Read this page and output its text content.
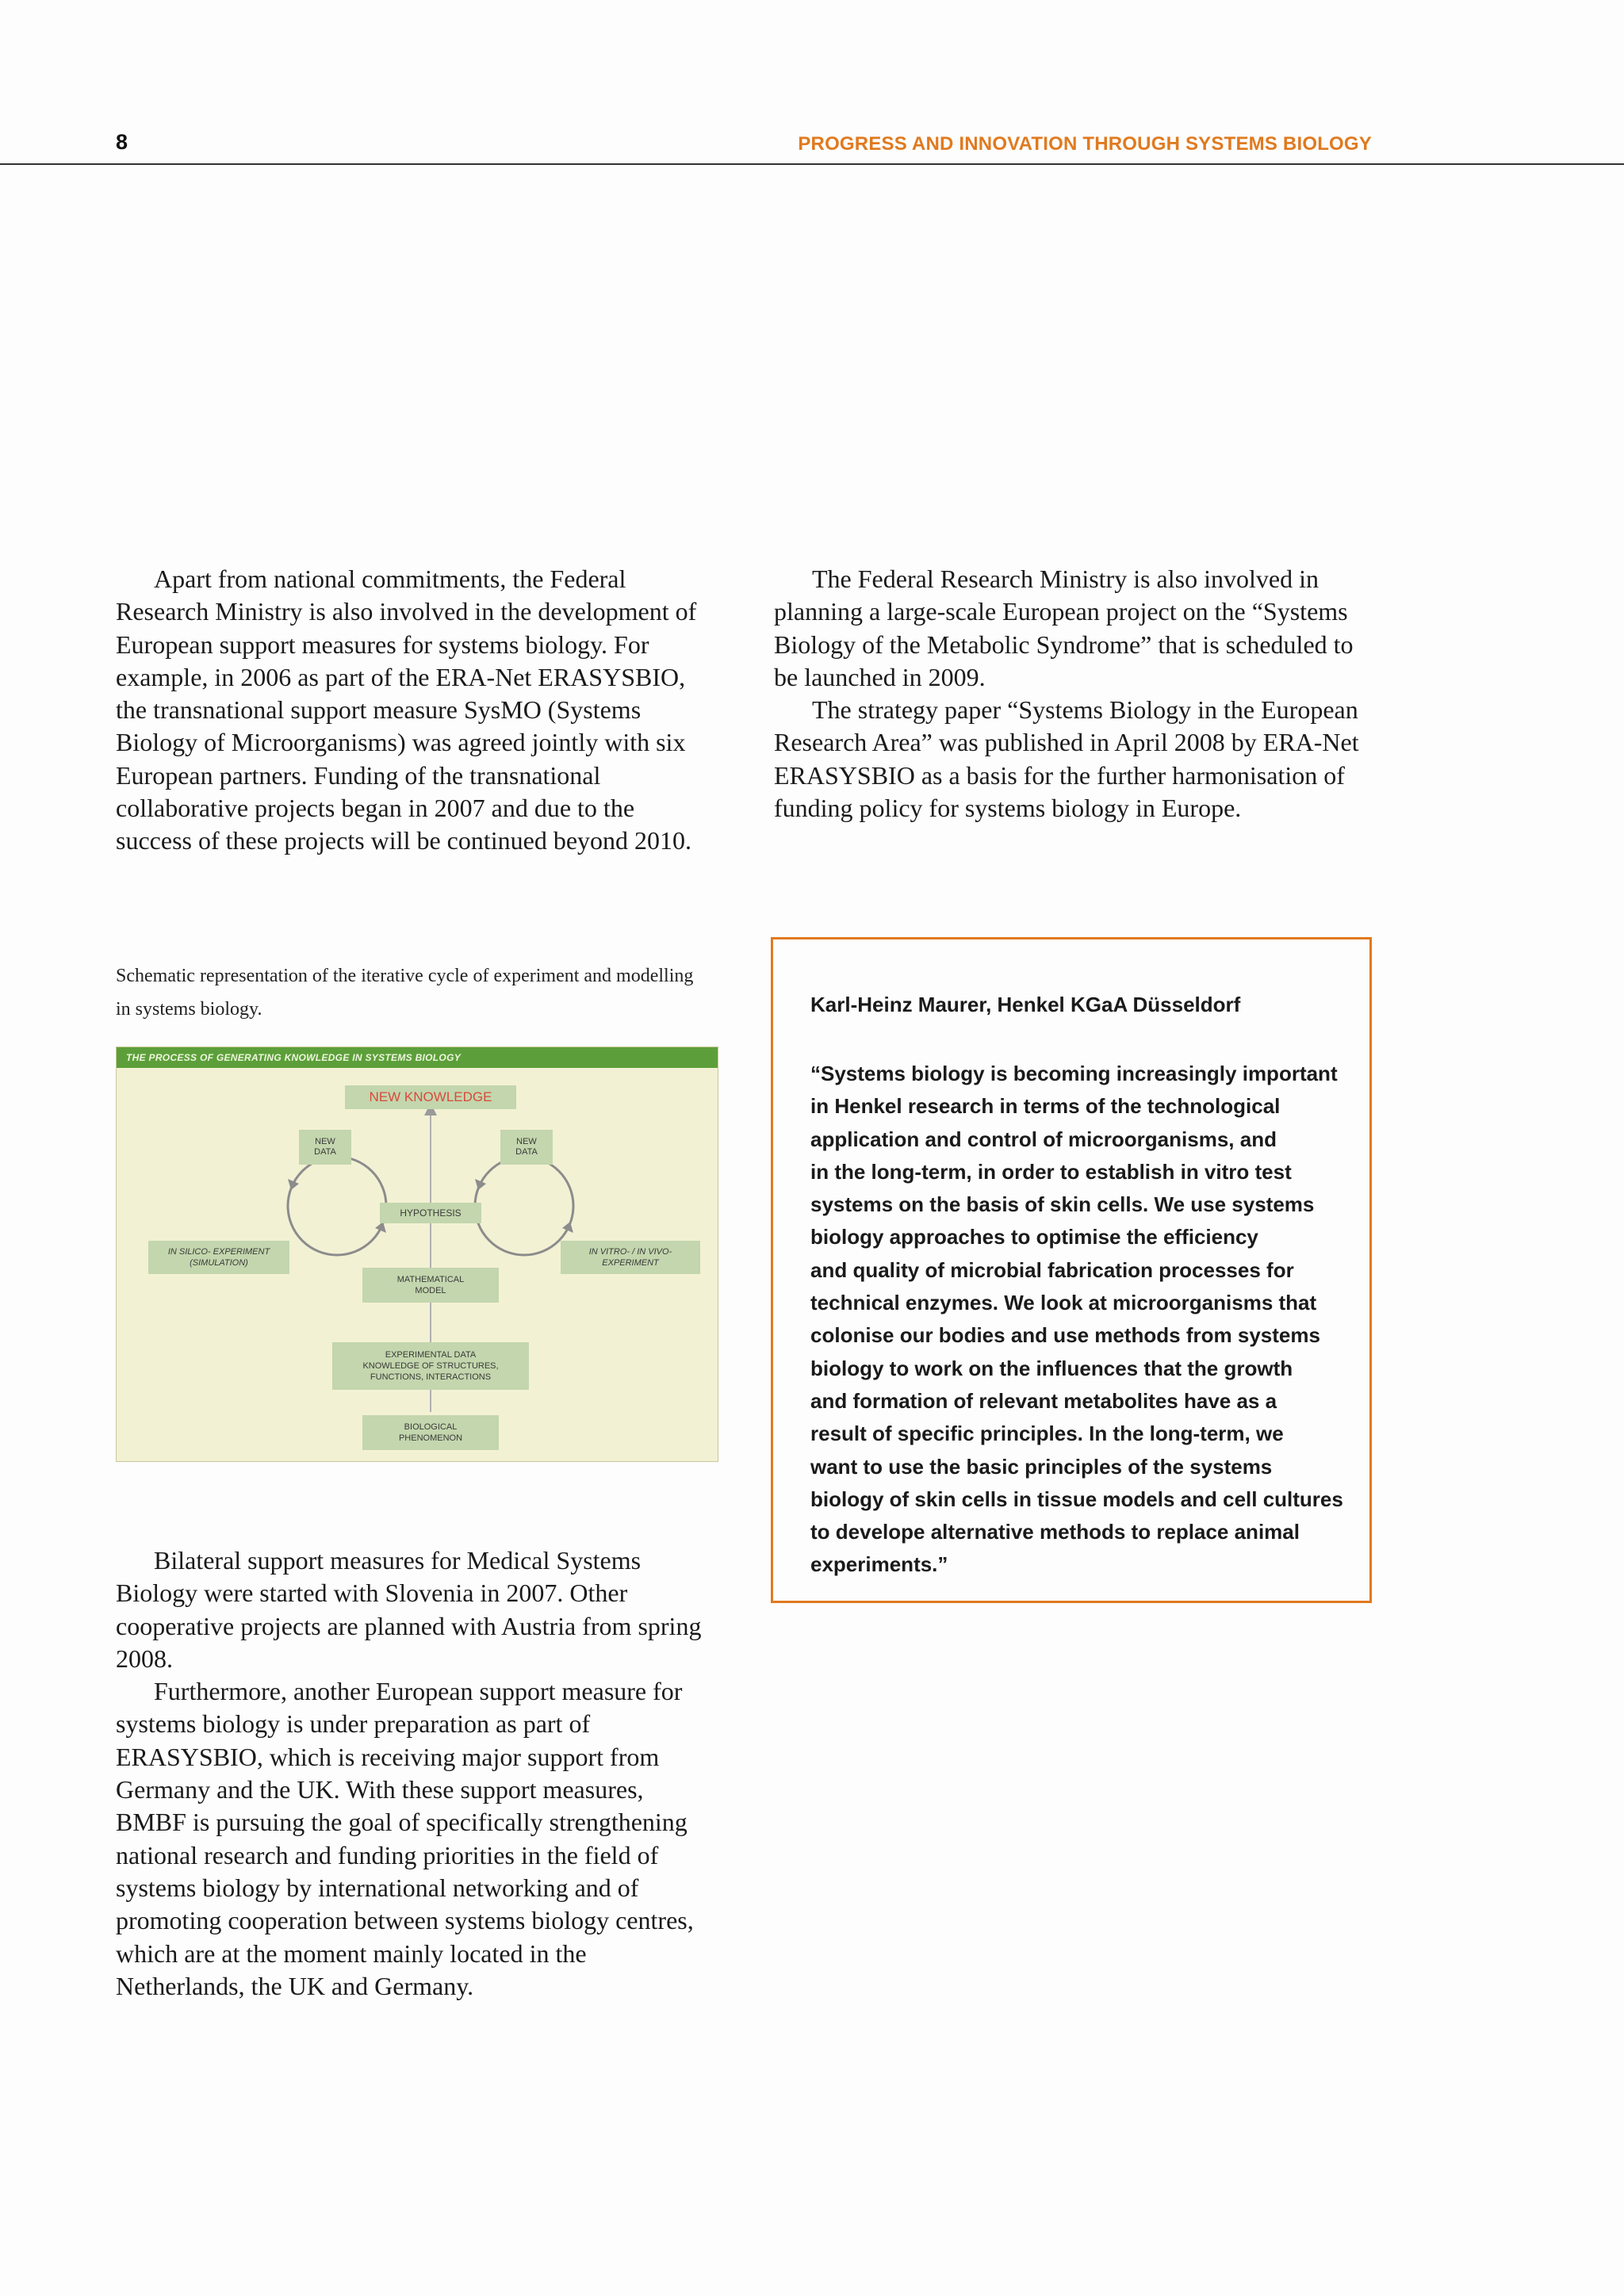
8	PROGRESS AND INNOVATION THROUGH SYSTEMS BIOLOGY

Apart from national commitments, the Federal Research Ministry is also involved in the development of European support measures for systems biology. For example, in 2006 as part of the ERA-Net ERASYSBIO, the transnational support measure SysMO (Systems Biology of Microorganisms) was agreed jointly with six European partners. Funding of the transnational collaborative projects began in 2007 and due to the success of these projects will be continued beyond 2010.

The Federal Research Ministry is also involved in planning a large-scale European project on the “Systems Biology of the Metabolic Syndrome” that is scheduled to be launched in 2009.

The strategy paper “Systems Biology in the European Research Area” was published in April 2008 by ERA-Net ERASYSBIO as a basis for the further harmonisation of funding policy for systems biology in Europe.

Schematic representation of the iterative cycle of experiment and modelling in systems biology.
THE PROCESS OF GENERATING KNOWLEDGE IN SYSTEMS BIOLOGY
NEW KNOWLEDGE
NEW
DATA
NEW
DATA
HYPOTHESIS
IN SILICO- EXPERIMENT
(SIMULATION)
IN VITRO- / IN VIVO-
EXPERIMENT
MATHEMATICAL
MODEL
EXPERIMENTAL DATA
KNOWLEDGE OF STRUCTURES,
FUNCTIONS, INTERACTIONS
BIOLOGICAL
PHENOMENON

Bilateral support measures for Medical Systems Biology were started with Slovenia in 2007. Other cooperative projects are planned with Austria from spring 2008.

Furthermore, another European support measure for systems biology is under preparation as part of ERASYSBIO, which is receiving major support from Germany and the UK. With these support measures, BMBF is pursuing the goal of specifically strengthening national research and funding priorities in the field of systems biology by international networking and of promoting cooperation between systems biology centres, which are at the moment mainly located in the Netherlands, the UK and Germany.

Karl-Heinz Maurer, Henkel KGaA Düsseldorf
“Systems biology is becoming increasingly important
in Henkel research in terms of the technological
application and control of microorganisms, and
in the long-term, in order to establish in vitro test
systems on the basis of skin cells. We use systems
biology approaches to optimise the efficiency
and quality of microbial fabrication processes for
technical enzymes. We look at microorganisms that
colonise our bodies and use methods from systems
biology to work on the influences that the growth
and formation of relevant metabolites have as a
result of specific principles. In the long-term, we
want to use the basic principles of the systems
biology of skin cells in tissue models and cell cultures
to develope alternative methods to replace animal
experiments.”
